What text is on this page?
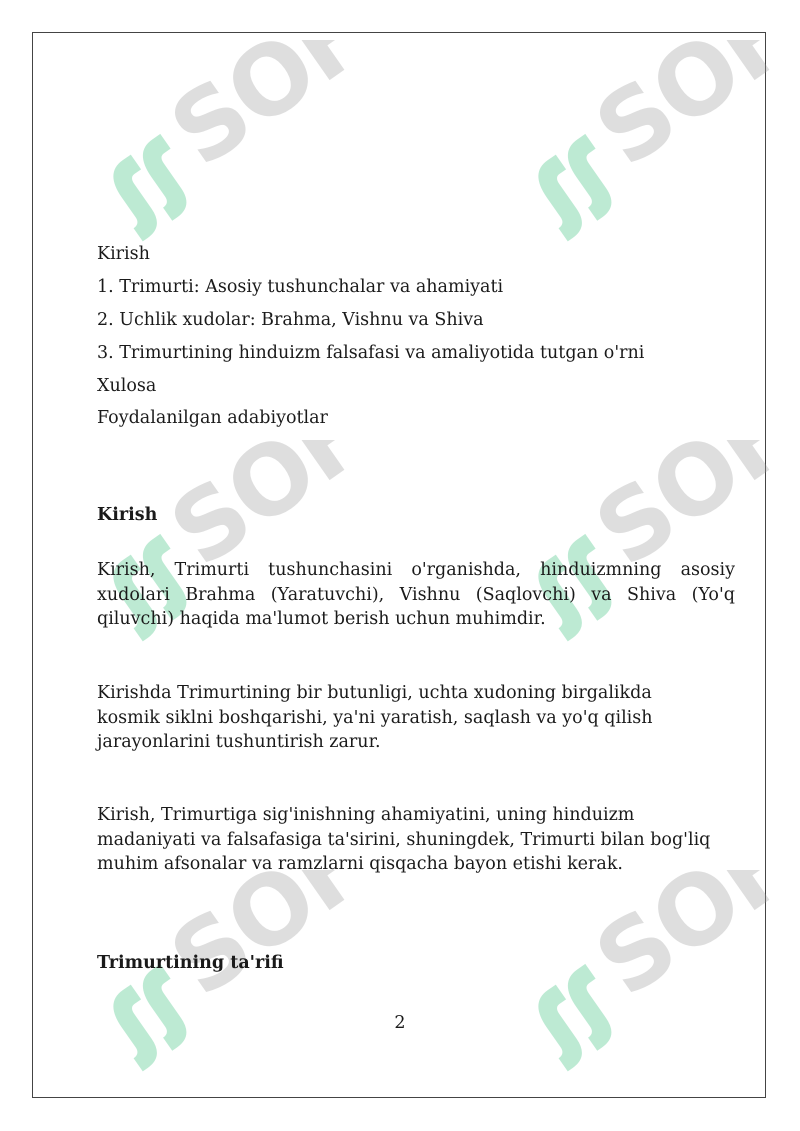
Kirish
1. Trimurti: Asosiy tushunchalar va ahamiyati
2. Uchlik xudolar: Brahma, Vishnu va Shiva
3. Trimurtining hinduizm falsafasi va amaliyotida tutgan o'rni
Xulosa
Foydalanilgan adabiyotlar
Kirish

Kirish, Trimurti tushunchasini o'rganishda, hinduizmning asosiy xudolari Brahma (Yaratuvchi), Vishnu (Saqlovchi) va Shiva (Yo'q qiluvchi) haqida ma'lumot berish uchun muhimdir.

Kirishda Trimurtining bir butunligi, uchta xudoning birgalikda kosmik siklni boshqarishi, ya'ni yaratish, saqlash va yo'q qilish jarayonlarini tushuntirish zarur.

Kirish, Trimurtiga sig'inishning ahamiyatini, uning hinduizm madaniyati va falsafasiga ta'sirini, shuningdek, Trimurti bilan bog'liq muhim afsonalar va ramzlarni qisqacha bayon etishi kerak.

Trimurtining ta'rifi
2
